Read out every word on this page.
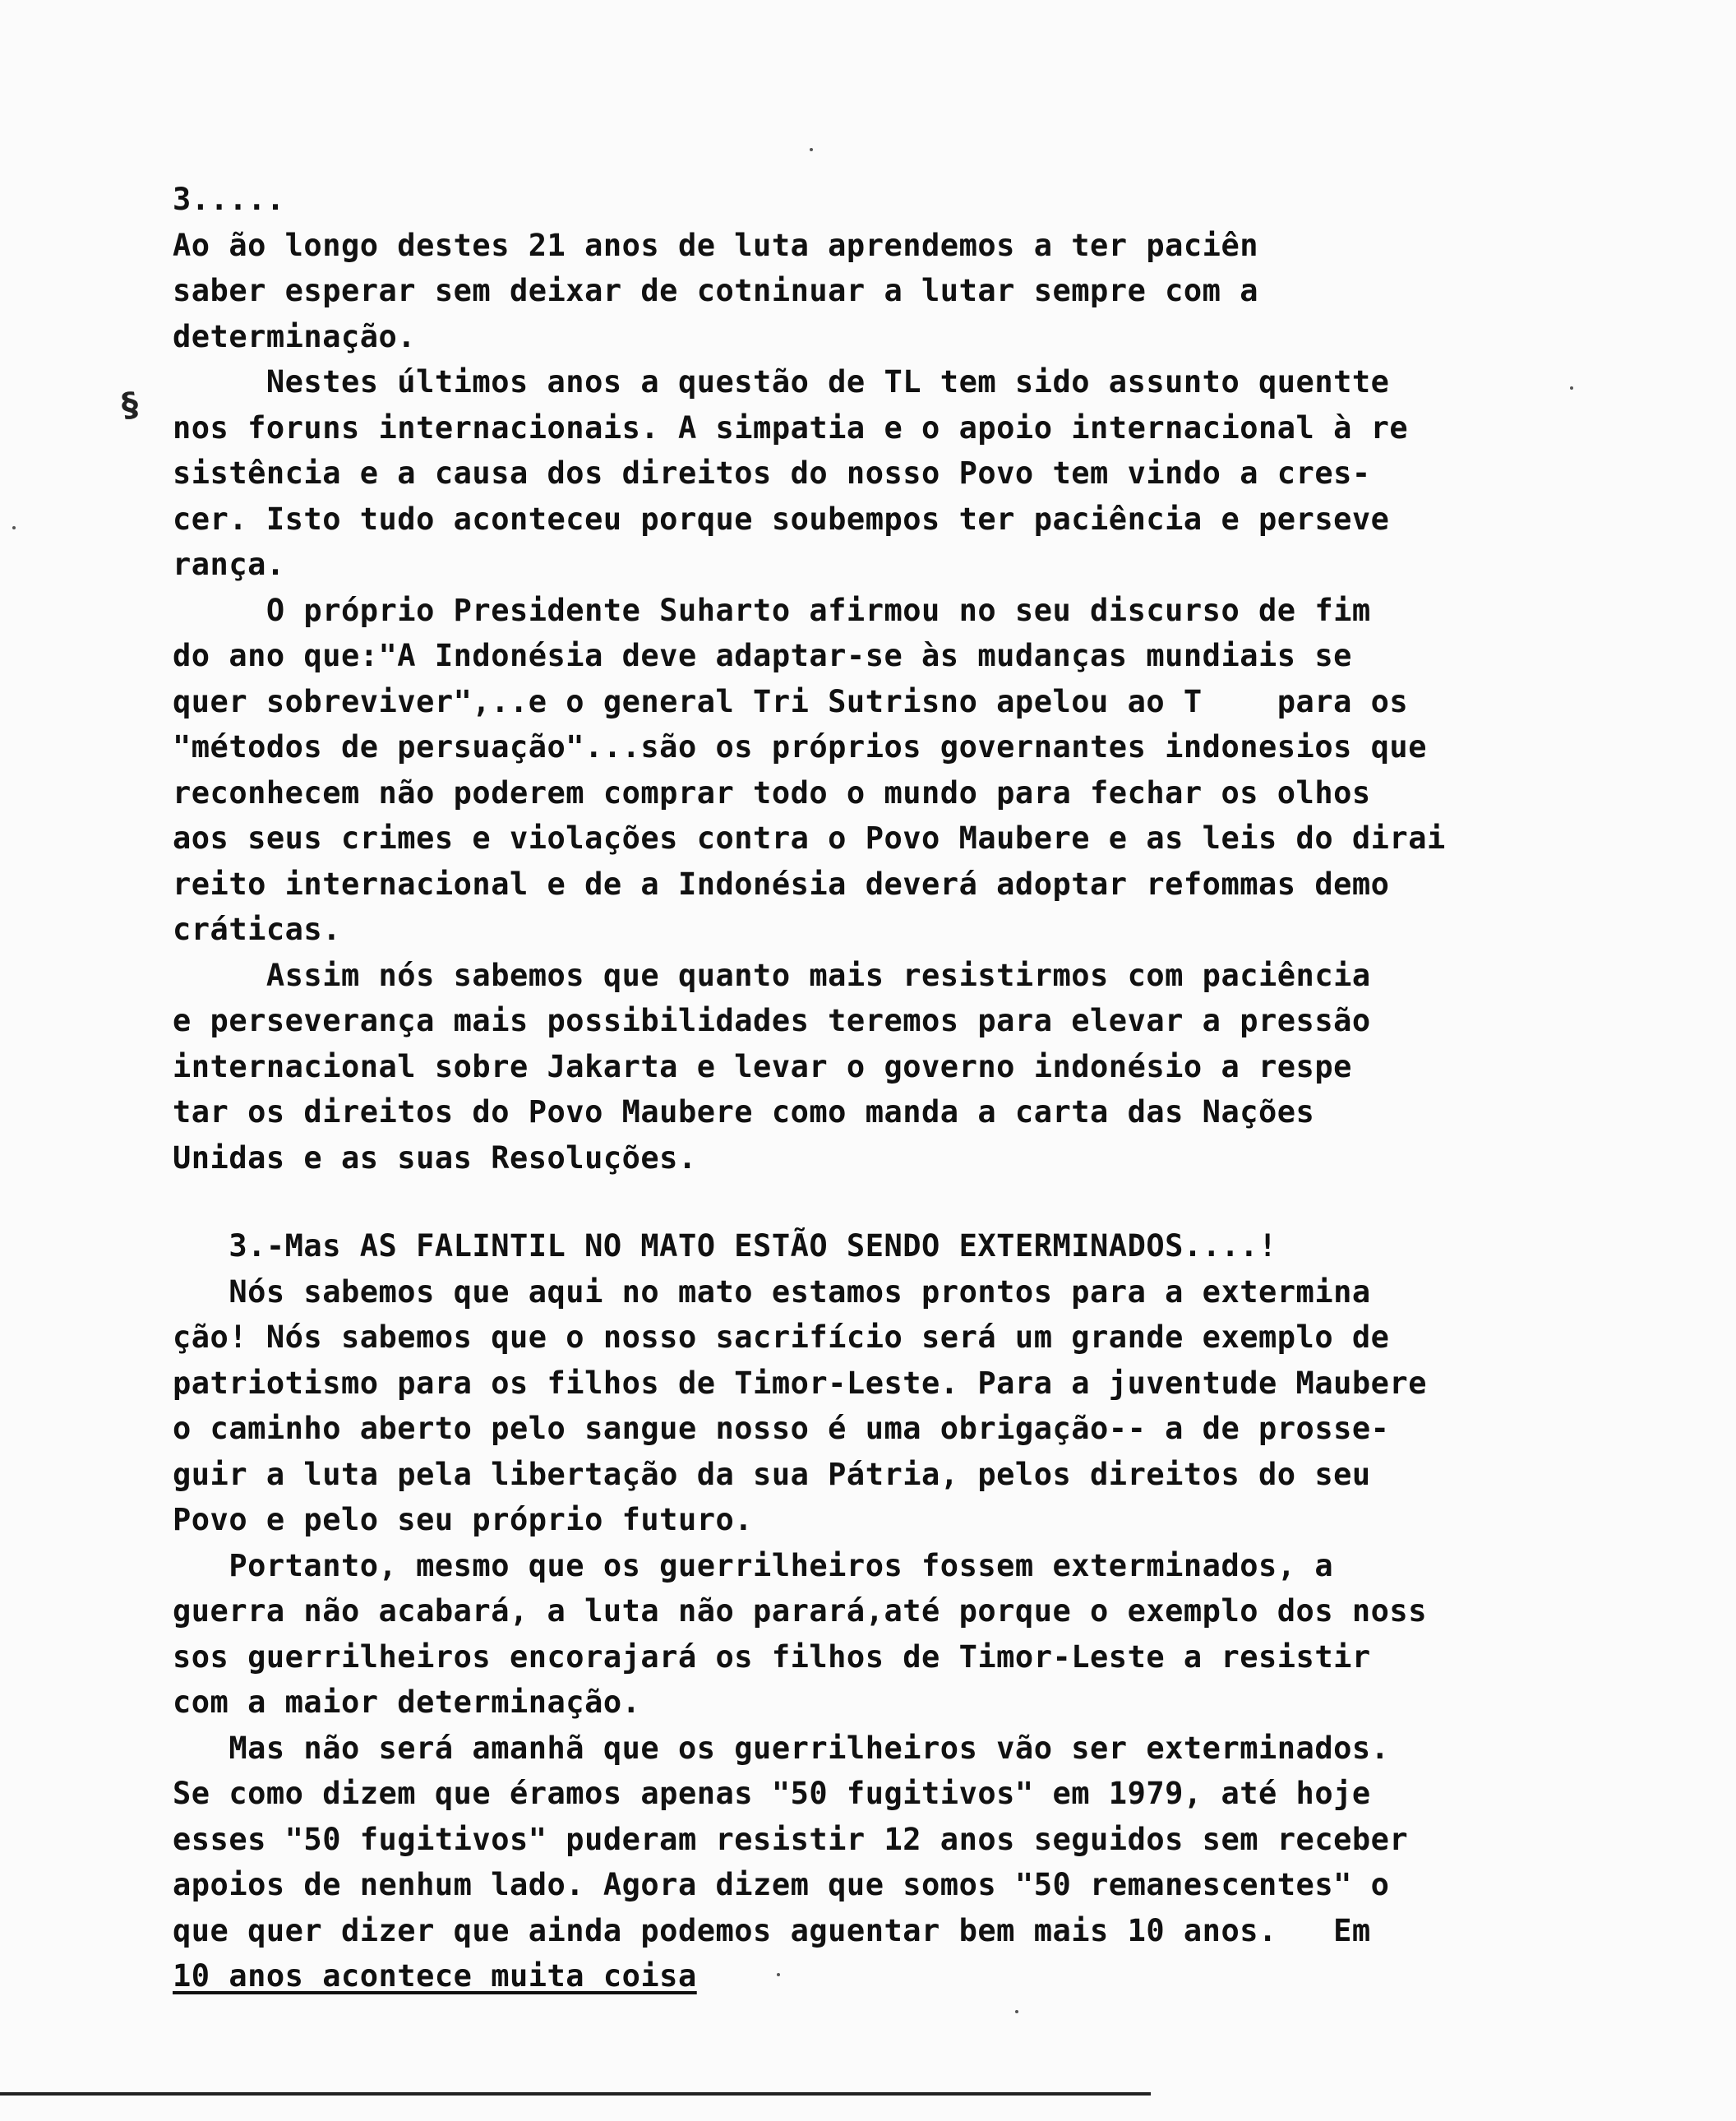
§
3.....
Ao ão longo destes 21 anos de luta aprendemos a ter paciên
saber esperar sem deixar de cotninuar a lutar sempre com a
determinação.
Nestes últimos anos a questão de TL tem sido assunto quentte
nos foruns internacionais. A simpatia e o apoio internacional à re
sistência e a causa dos direitos do nosso Povo tem vindo a cres-
cer. Isto tudo aconteceu porque soubempos ter paciência e perseve
rança.
O próprio Presidente Suharto afirmou no seu discurso de fim
do ano que:"A Indonésia deve adaptar-se às mudanças mundiais se
quer sobreviver",..e o general Tri Sutrisno apelou ao T    para os
"métodos de persuação"...são os próprios governantes indonesios que
reconhecem não poderem comprar todo o mundo para fechar os olhos
aos seus crimes e violações contra o Povo Maubere e as leis do dirai
reito internacional e de a Indonésia deverá adoptar refommas demo
cráticas.
Assim nós sabemos que quanto mais resistirmos com paciência
e perseverança mais possibilidades teremos para elevar a pressão
internacional sobre Jakarta e levar o governo indonésio a respe
tar os direitos do Povo Maubere como manda a carta das Nações
Unidas e as suas Resoluções.
3.-Mas AS FALINTIL NO MATO ESTÃO SENDO EXTERMINADOS....!
Nós sabemos que aqui no mato estamos prontos para a extermina
ção! Nós sabemos que o nosso sacrifício será um grande exemplo de
patriotismo para os filhos de Timor-Leste. Para a juventude Maubere
o caminho aberto pelo sangue nosso é uma obrigação-- a de prosse-
guir a luta pela libertação da sua Pátria, pelos direitos do seu
Povo e pelo seu próprio futuro.
Portanto, mesmo que os guerrilheiros fossem exterminados, a
guerra não acabará, a luta não parará,até porque o exemplo dos noss
sos guerrilheiros encorajará os filhos de Timor-Leste a resistir
com a maior determinação.
Mas não será amanhã que os guerrilheiros vão ser exterminados.
Se como dizem que éramos apenas "50 fugitivos" em 1979, até hoje
esses "50 fugitivos" puderam resistir 12 anos seguidos sem receber
apoios de nenhum lado. Agora dizem que somos "50 remanescentes" o
que quer dizer que ainda podemos aguentar bem mais 10 anos.   Em
10 anos acontece muita coisa
